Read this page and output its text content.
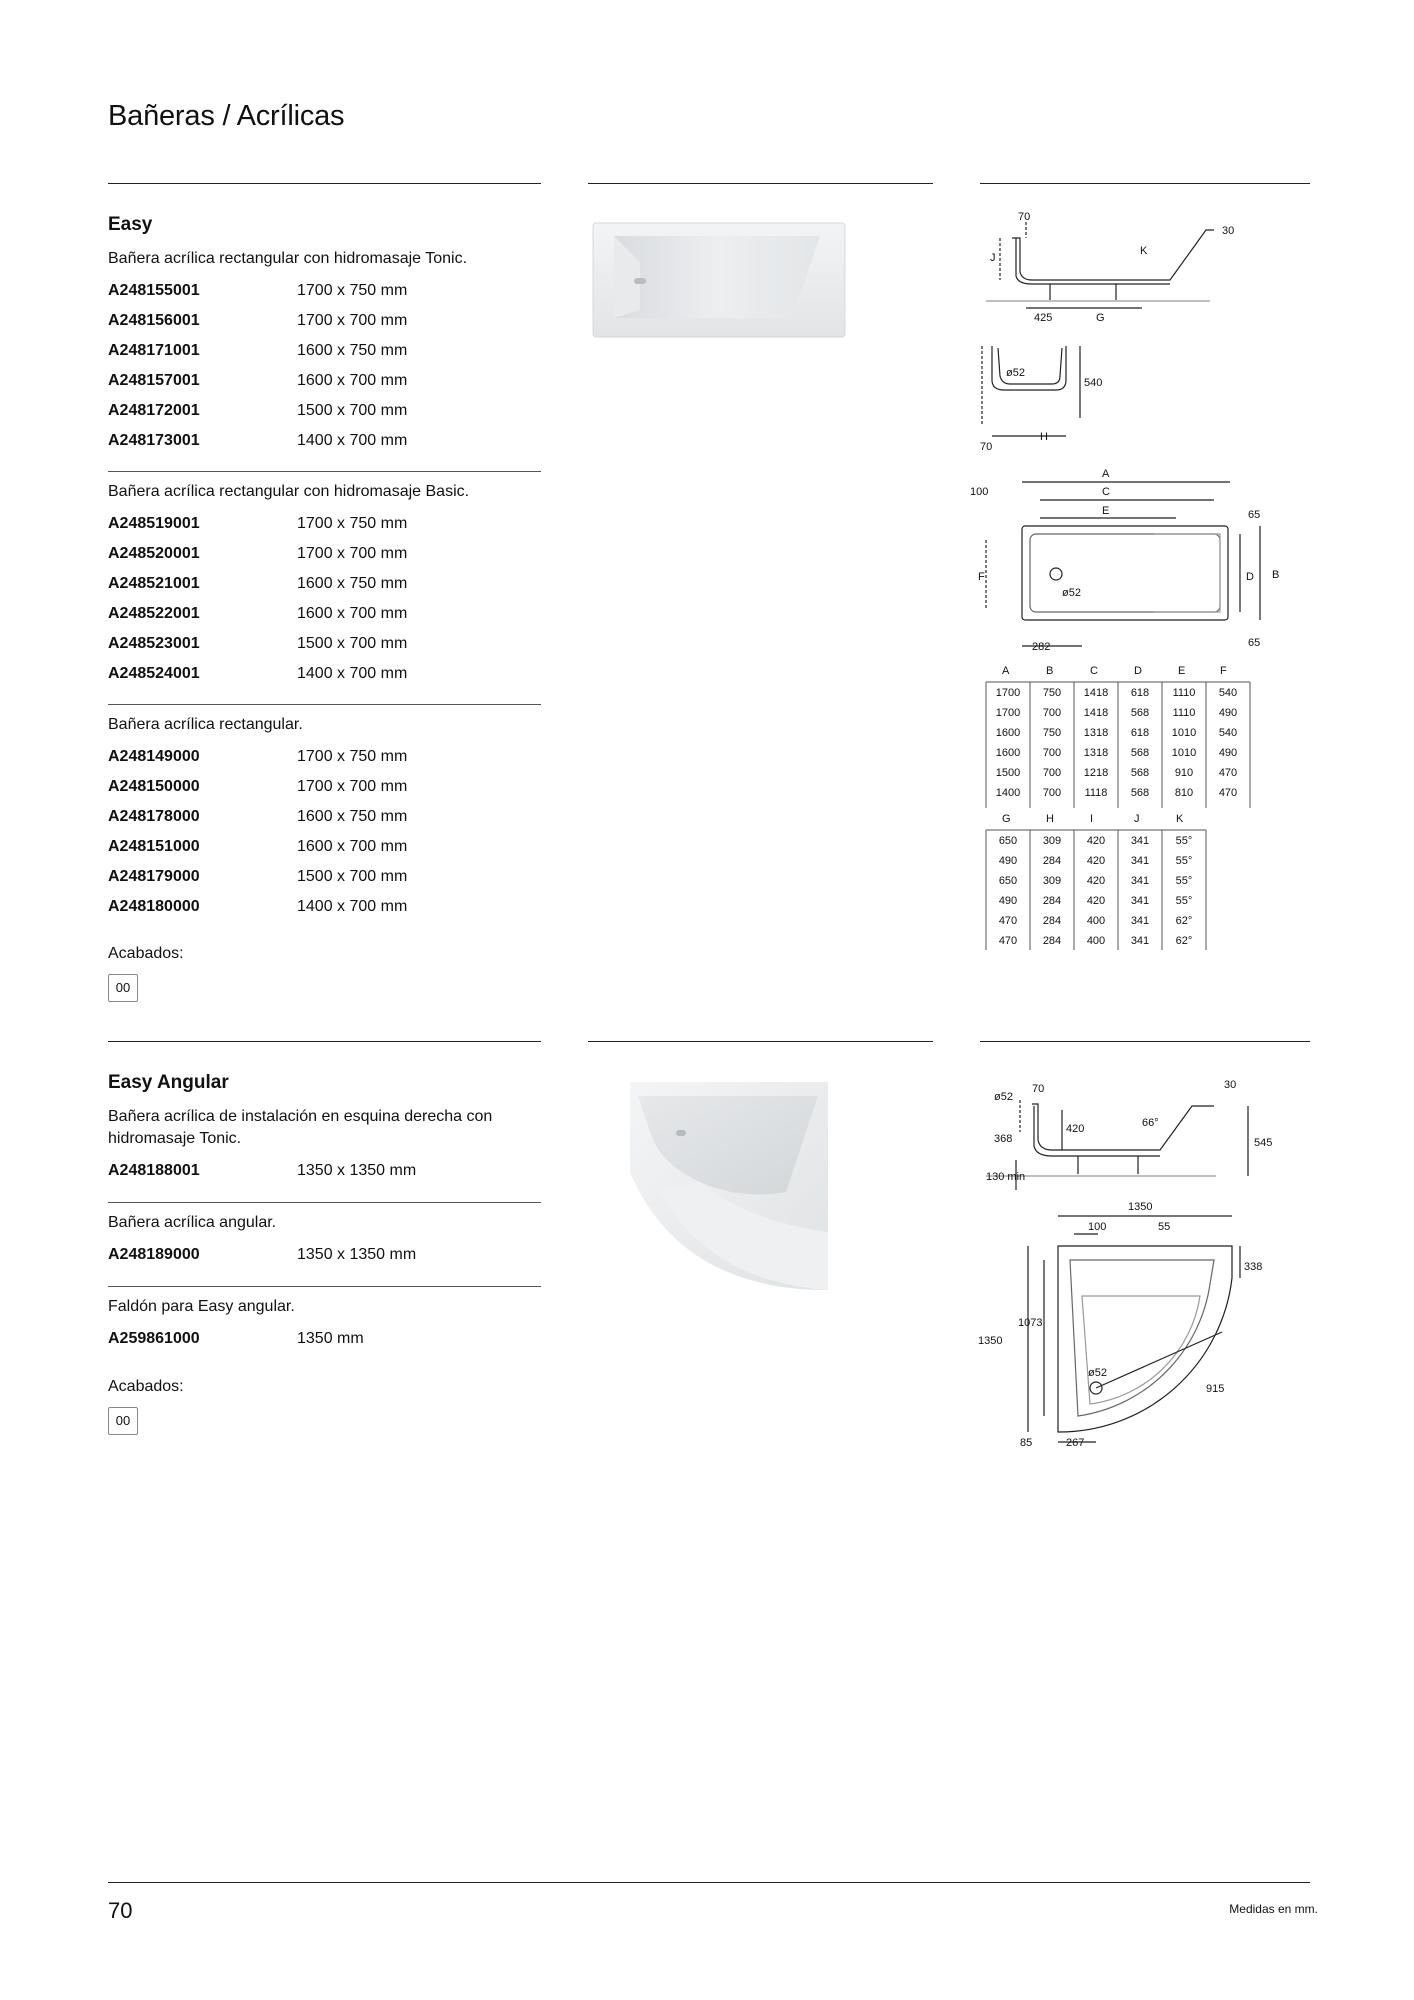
Bañeras / Acrílicas
Easy
Bañera acrílica rectangular con hidromasaje Tonic.
A248155001	1700 x 750 mm
A248156001	1700 x 700 mm
A248171001	1600 x 750 mm
A248157001	1600 x 700 mm
A248172001	1500 x 700 mm
A248173001	1400 x 700 mm
Bañera acrílica rectangular con hidromasaje Basic.
A248519001	1700 x 750 mm
A248520001	1700 x 700 mm
A248521001	1600 x 750 mm
A248522001	1600 x 700 mm
A248523001	1500 x 700 mm
A248524001	1400 x 700 mm
Bañera acrílica rectangular.
A248149000	1700 x 750 mm
A248150000	1700 x 700 mm
A248178000	1600 x 750 mm
A248151000	1600 x 700 mm
A248179000	1500 x 700 mm
A248180000	1400 x 700 mm
Acabados:
00
J
70
30
K
425	G
ø52
540
70
H
A
C
E
100
65
F	D B
ø52
282	65
A	B	C	D	E	F
1700 750 1418 618 1110 540
1700 700 1418 568 1110 490
1600 750 1318 618 1010 540
1600 700 1318 568 1010 490
1500 700 1218 568 910 470
1400 700 1118 568 810 470
G	H	I	J	K
650 309 420 341 55°
490 284 420 341 55°
650 309 420 341 55°
490 284 420 341 55°
470 284 400 341 62°
470 284 400 341 62°
Easy Angular
Bañera acrílica de instalación en esquina derecha con hidromasaje Tonic.
A248188001	1350 x 1350 mm
Bañera acrílica angular.
A248189000	1350 x 1350 mm
Faldón para Easy angular.
A259861000	1350 mm
Acabados:
00
ø52
70	30
368
420	66°
545
130 min
1350
100	55
338
1073
1350
ø52
915
85	267
70	Medidas en mm.
